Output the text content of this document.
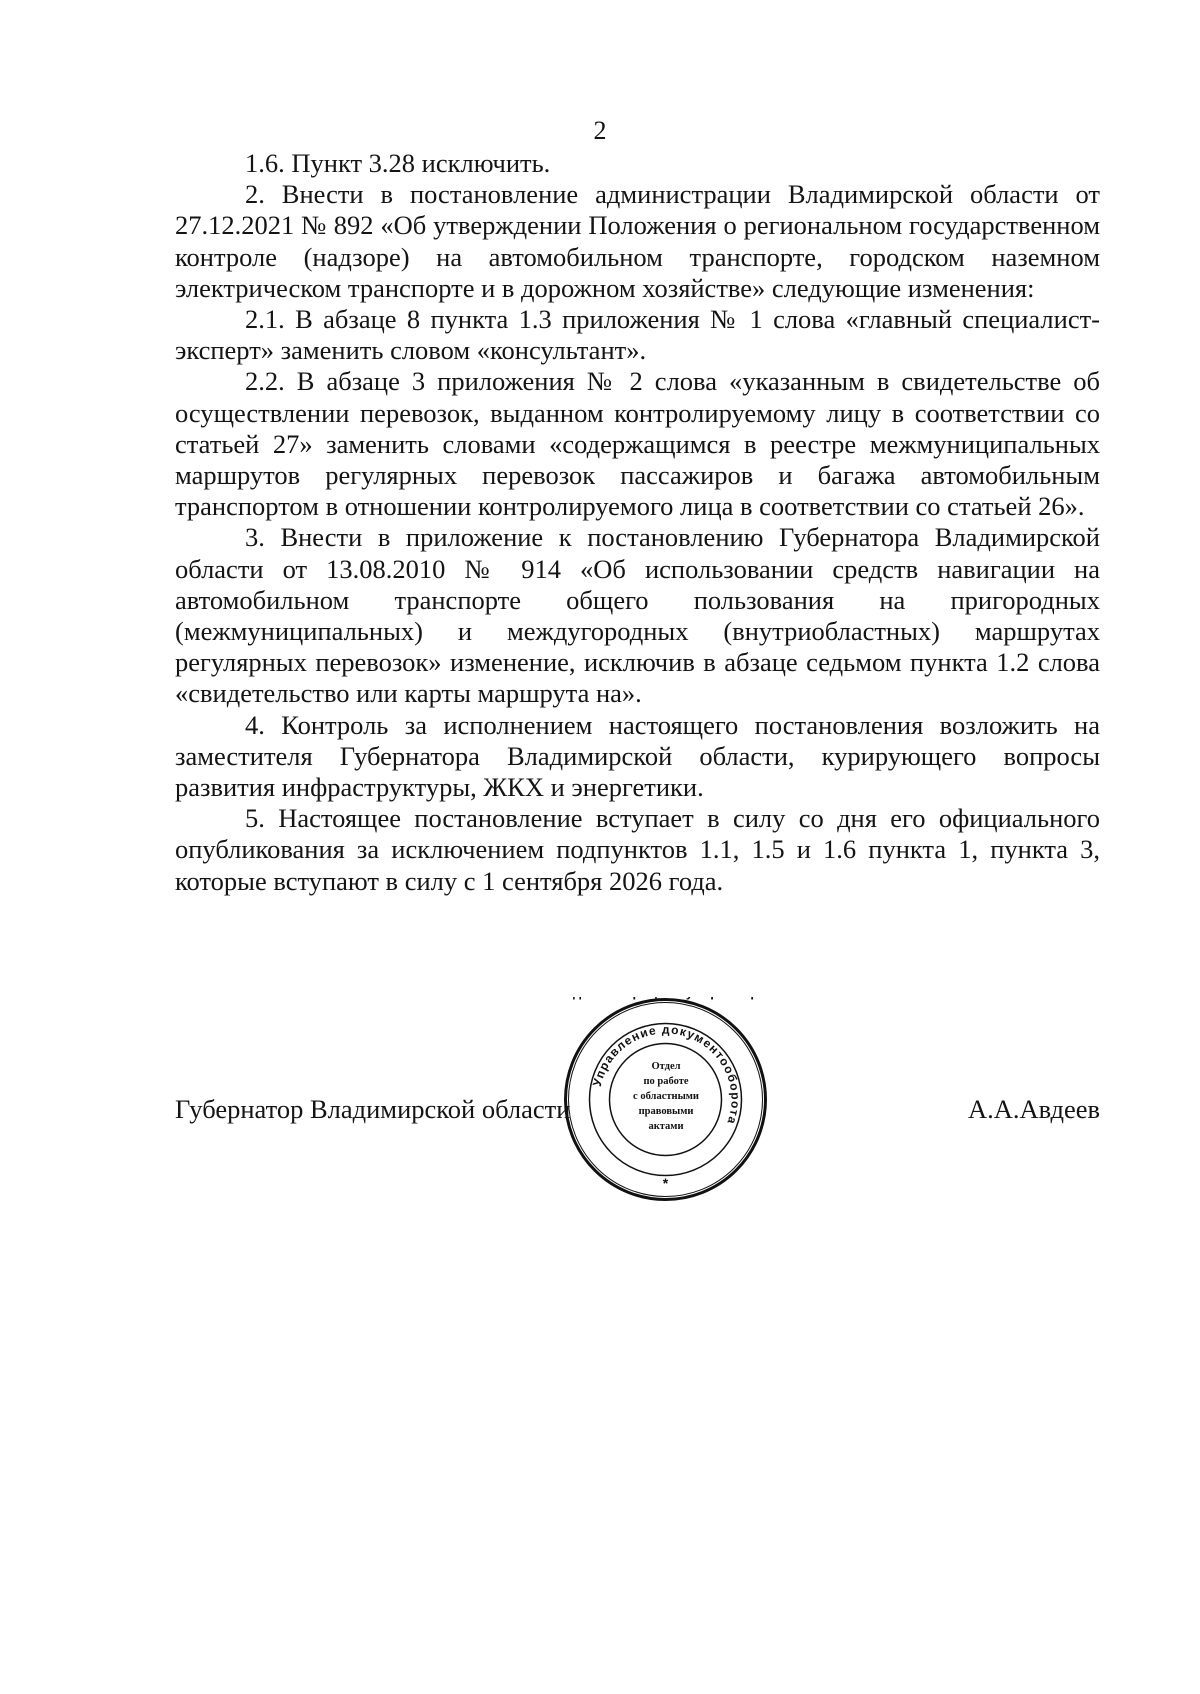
2

1.6. Пункт 3.28 исключить.

2. Внести в постановление администрации Владимирской области от 27.12.2021 № 892 «Об утверждении Положения о региональном государственном контроле (надзоре) на автомобильном транспорте, городском наземном электрическом транспорте и в дорожном хозяйстве» следующие изменения:

2.1. В абзаце 8 пункта 1.3 приложения № 1 слова «главный специалист-эксперт» заменить словом «консультант».

2.2. В абзаце 3 приложения № 2 слова «указанным в свидетельстве об осуществлении перевозок, выданном контролируемому лицу в соответствии со статьей 27» заменить словами «содержащимся в реестре межмуниципальных маршрутов регулярных перевозок пассажиров и багажа автомобильным транспортом в отношении контролируемого лица в соответствии со статьей 26».

3. Внести в приложение к постановлению Губернатора Владимирской области от 13.08.2010 № 914 «Об использовании средств навигации на автомобильном транспорте общего пользования на пригородных (межмуниципальных) и междугородных (внутриобластных) маршрутах регулярных перевозок» изменение, исключив в абзаце седьмом пункта 1.2 слова «свидетельство или карты маршрута на».

4. Контроль за исполнением настоящего постановления возложить на заместителя Губернатора Владимирской области, курирующего вопросы развития инфраструктуры, ЖКХ и энергетики.

5. Настоящее постановление вступает в силу со дня его официального опубликования за исключением подпунктов 1.1, 1.5 и 1.6 пункта 1, пункта 3, которые вступают в силу с 1 сентября 2026 года.

Губернатор Владимирской области	А.А.Авдеев
Управление документооборота
*
Отдел
по работе
с областными
правовыми
актами
